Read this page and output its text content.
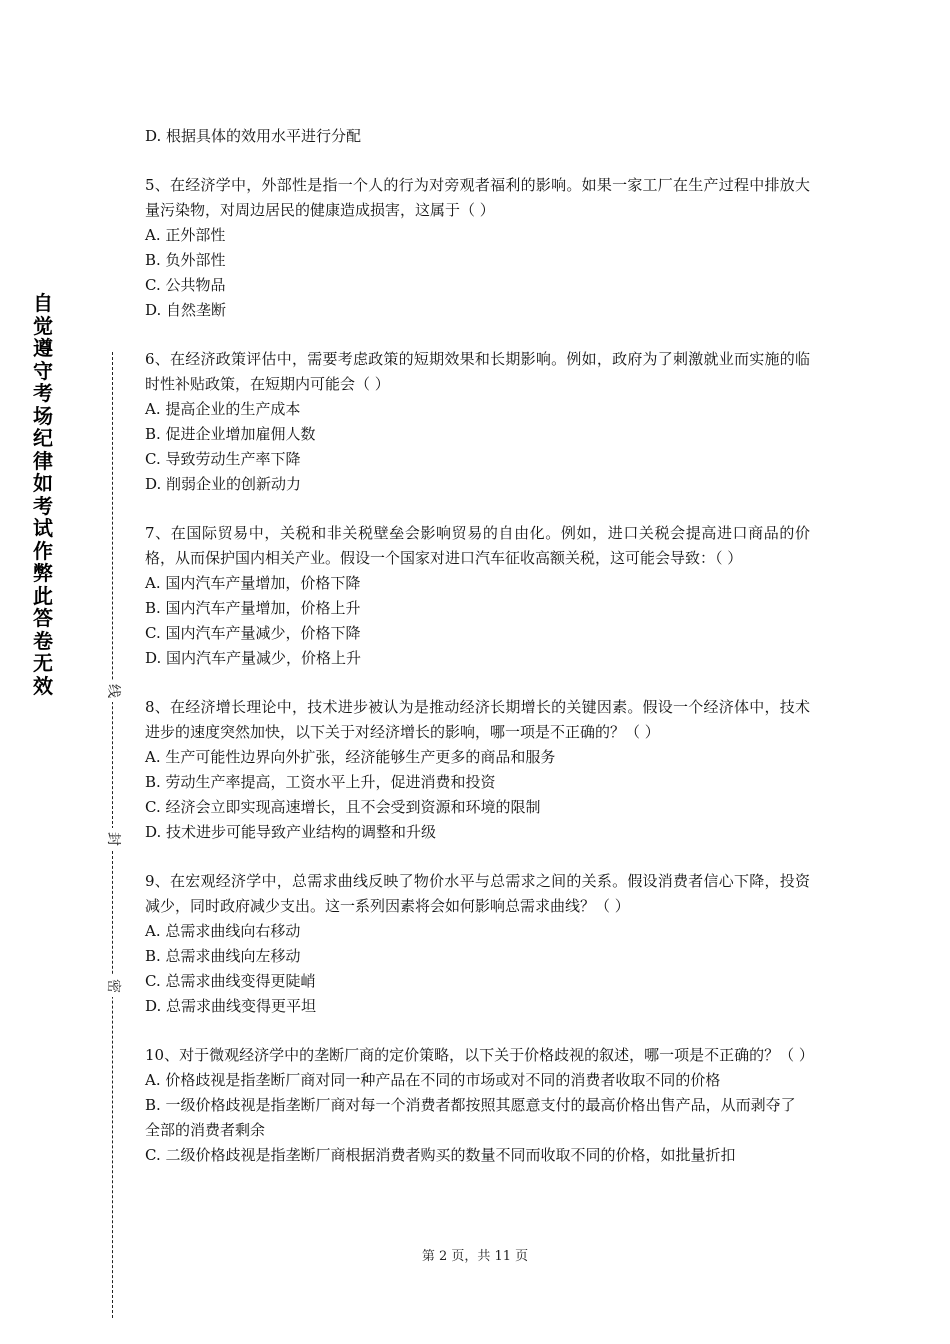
自觉遵守考场纪律如考试作弊此答卷无效	线
封
密

D. 根据具体的效用水平进行分配

5、在经济学中，外部性是指一个人的行为对旁观者福利的影响。如果一家工厂在生产过程中排放大量污染物，对周边居民的健康造成损害，这属于（ ）

A. 正外部性

B. 负外部性

C. 公共物品

D. 自然垄断

6、在经济政策评估中，需要考虑政策的短期效果和长期影响。例如，政府为了刺激就业而实施的临时性补贴政策，在短期内可能会（ ）

A. 提高企业的生产成本

B. 促进企业增加雇佣人数

C. 导致劳动生产率下降

D. 削弱企业的创新动力

7、在国际贸易中，关税和非关税壁垒会影响贸易的自由化。例如，进口关税会提高进口商品的价格，从而保护国内相关产业。假设一个国家对进口汽车征收高额关税，这可能会导致：（ ）

A. 国内汽车产量增加，价格下降

B. 国内汽车产量增加，价格上升

C. 国内汽车产量减少，价格下降

D. 国内汽车产量减少，价格上升

8、在经济增长理论中，技术进步被认为是推动经济长期增长的关键因素。假设一个经济体中，技术进步的速度突然加快，以下关于对经济增长的影响，哪一项是不正确的？（ ）

A. 生产可能性边界向外扩张，经济能够生产更多的商品和服务

B. 劳动生产率提高，工资水平上升，促进消费和投资

C. 经济会立即实现高速增长，且不会受到资源和环境的限制

D. 技术进步可能导致产业结构的调整和升级

9、在宏观经济学中，总需求曲线反映了物价水平与总需求之间的关系。假设消费者信心下降，投资减少，同时政府减少支出。这一系列因素将会如何影响总需求曲线？（ ）

A. 总需求曲线向右移动

B. 总需求曲线向左移动

C. 总需求曲线变得更陡峭

D. 总需求曲线变得更平坦

10、对于微观经济学中的垄断厂商的定价策略，以下关于价格歧视的叙述，哪一项是不正确的？（ ）

A. 价格歧视是指垄断厂商对同一种产品在不同的市场或对不同的消费者收取不同的价格

B. 一级价格歧视是指垄断厂商对每一个消费者都按照其愿意支付的最高价格出售产品，从而剥夺了全部的消费者剩余

C. 二级价格歧视是指垄断厂商根据消费者购买的数量不同而收取不同的价格，如批量折扣

第 2 页，共 11 页
